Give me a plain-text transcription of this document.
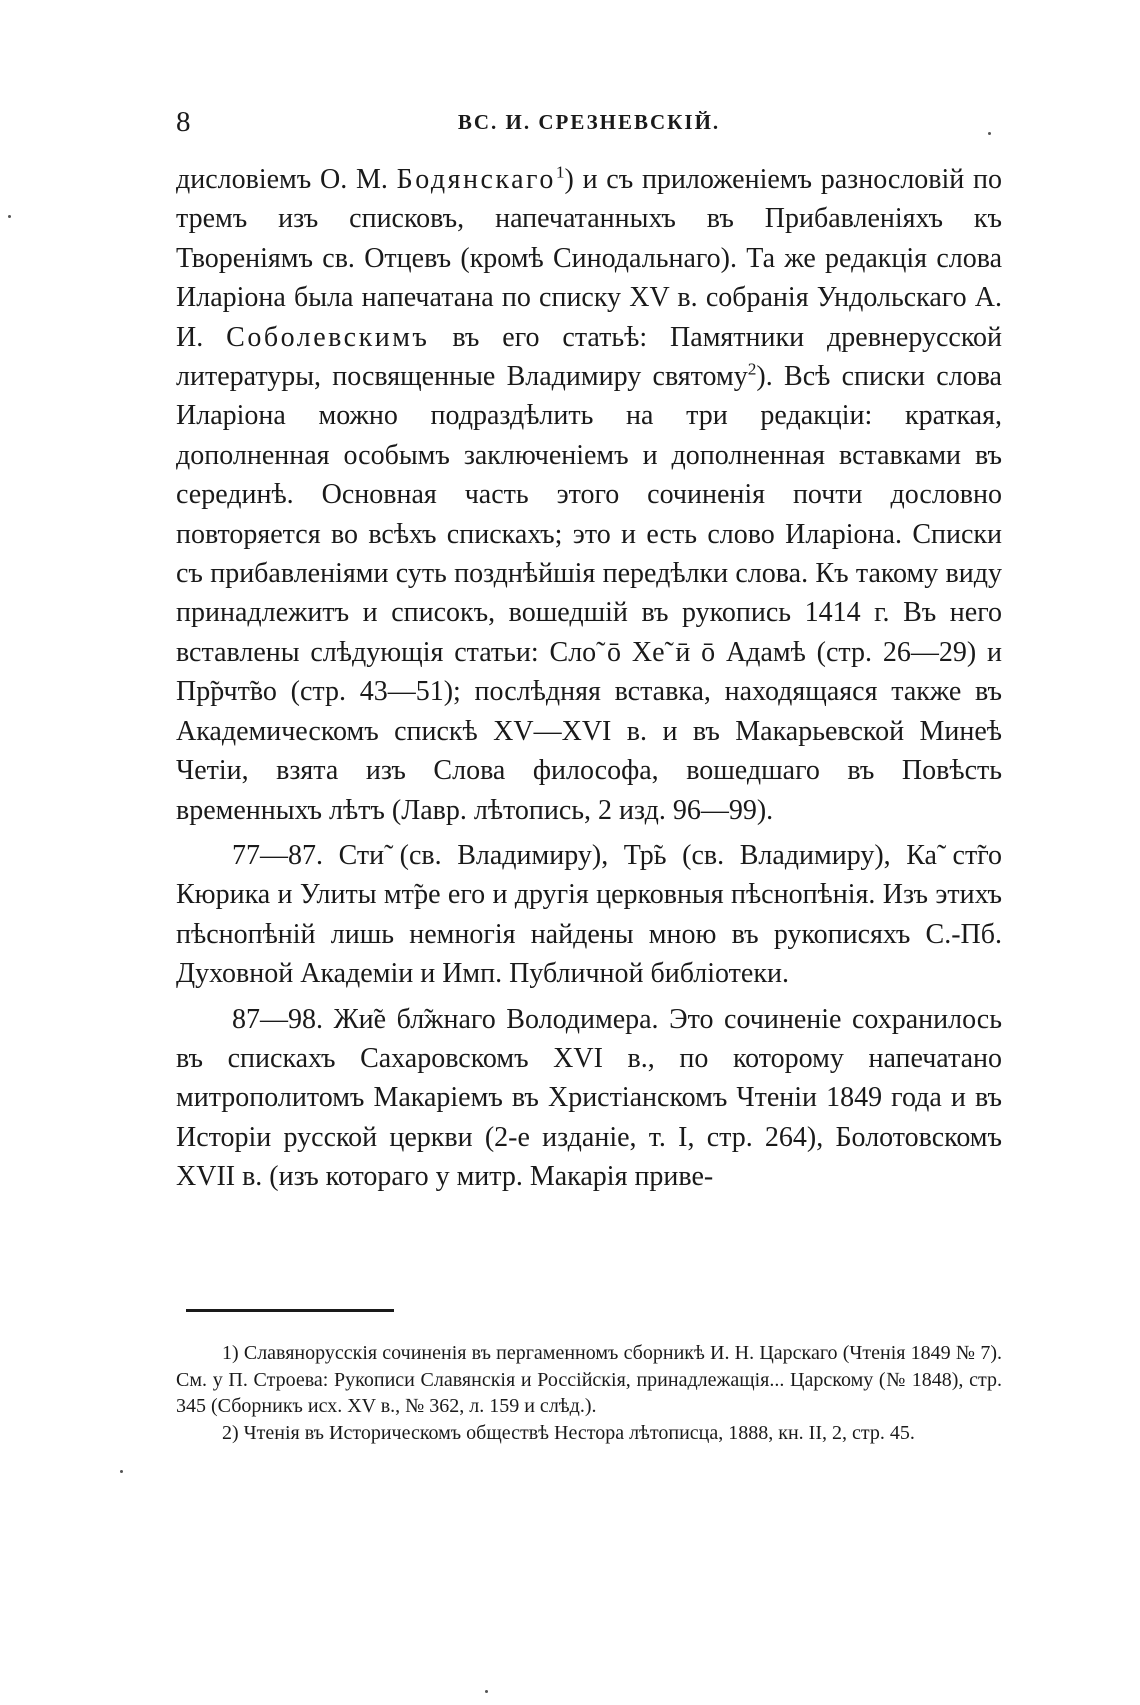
8	ВС. И. СРЕЗНЕВСКІЙ.

дисловіемъ О. М. Бодянскаго$^1$) и съ приложеніемъ разнословій по тремъ изъ списковъ, напечатанныхъ въ Прибавленіяхъ къ Твореніямъ св. Отцевъ (кромѣ Синодальнаго). Та же редакція слова Иларіона была напечатана по списку XV в. собранія Ундольскаго А. И. Соболевскимъ въ его статьѣ: Памятники древнерусской литературы, посвященные Владимиру святому$^2$). Всѣ списки слова Иларіона можно подраздѣлить на три редакціи: краткая, дополненная особымъ заключеніемъ и дополненная вставками въ серединѣ. Основная часть этого сочиненія почти дословно повторяется во всѣхъ спискахъ; это и есть слово Иларіона. Списки съ прибавленіями суть позднѣйшія передѣлки слова. Къ такому виду принадлежитъ и списокъ, вошедшій въ рукопись 1414 г. Въ него вставлены слѣдующія статьи: Сло̃ ō Хе̃ ӣ ō Адамѣ (стр. 26—29) и Пр̃рчт̃во (стр. 43—51); послѣдняя вставка, находящаяся также въ Академическомъ спискѣ XV—XVI в. и въ Макарьевской Минеѣ Четіи, взята изъ Слова философа, вошедшаго въ Повѣсть временныхъ лѣтъ (Лавр. лѣтопись, 2 изд. 96—99).

77—87. Сти̃ (св. Владимиру), Тр̃ь (св. Владимиру), Ка̃ ст̃го Кюрика и Улиты мт̃ре его и другія церковныя пѣснопѣнія. Изъ этихъ пѣснопѣній лишь немногія найдены мною въ рукописяхъ С.-Пб. Духовной Академіи и Имп. Публичной библіотеки.

87—98. Жи̃е бл̃жнаго Володимера. Это сочиненіе сохранилось въ спискахъ Сахаровскомъ XVI в., по которому напечатано митрополитомъ Макаріемъ въ Христіанскомъ Чтеніи 1849 года и въ Исторіи русской церкви (2-е изданіе, т. I, стр. 264), Болотовскомъ XVII в. (изъ котораго у митр. Макарія приве-

1) Славянорусскія сочиненія въ пергаменномъ сборникѣ И. Н. Царскаго (Чтенія 1849 № 7). См. у П. Строева: Рукописи Славянскія и Россійскія, принадлежащія... Царскому (№ 1848), стр. 345 (Сборникъ исх. XV в., № 362, л. 159 и слѣд.).

2) Чтенія въ Историческомъ обществѣ Нестора лѣтописца, 1888, кн. II, 2, стр. 45.
